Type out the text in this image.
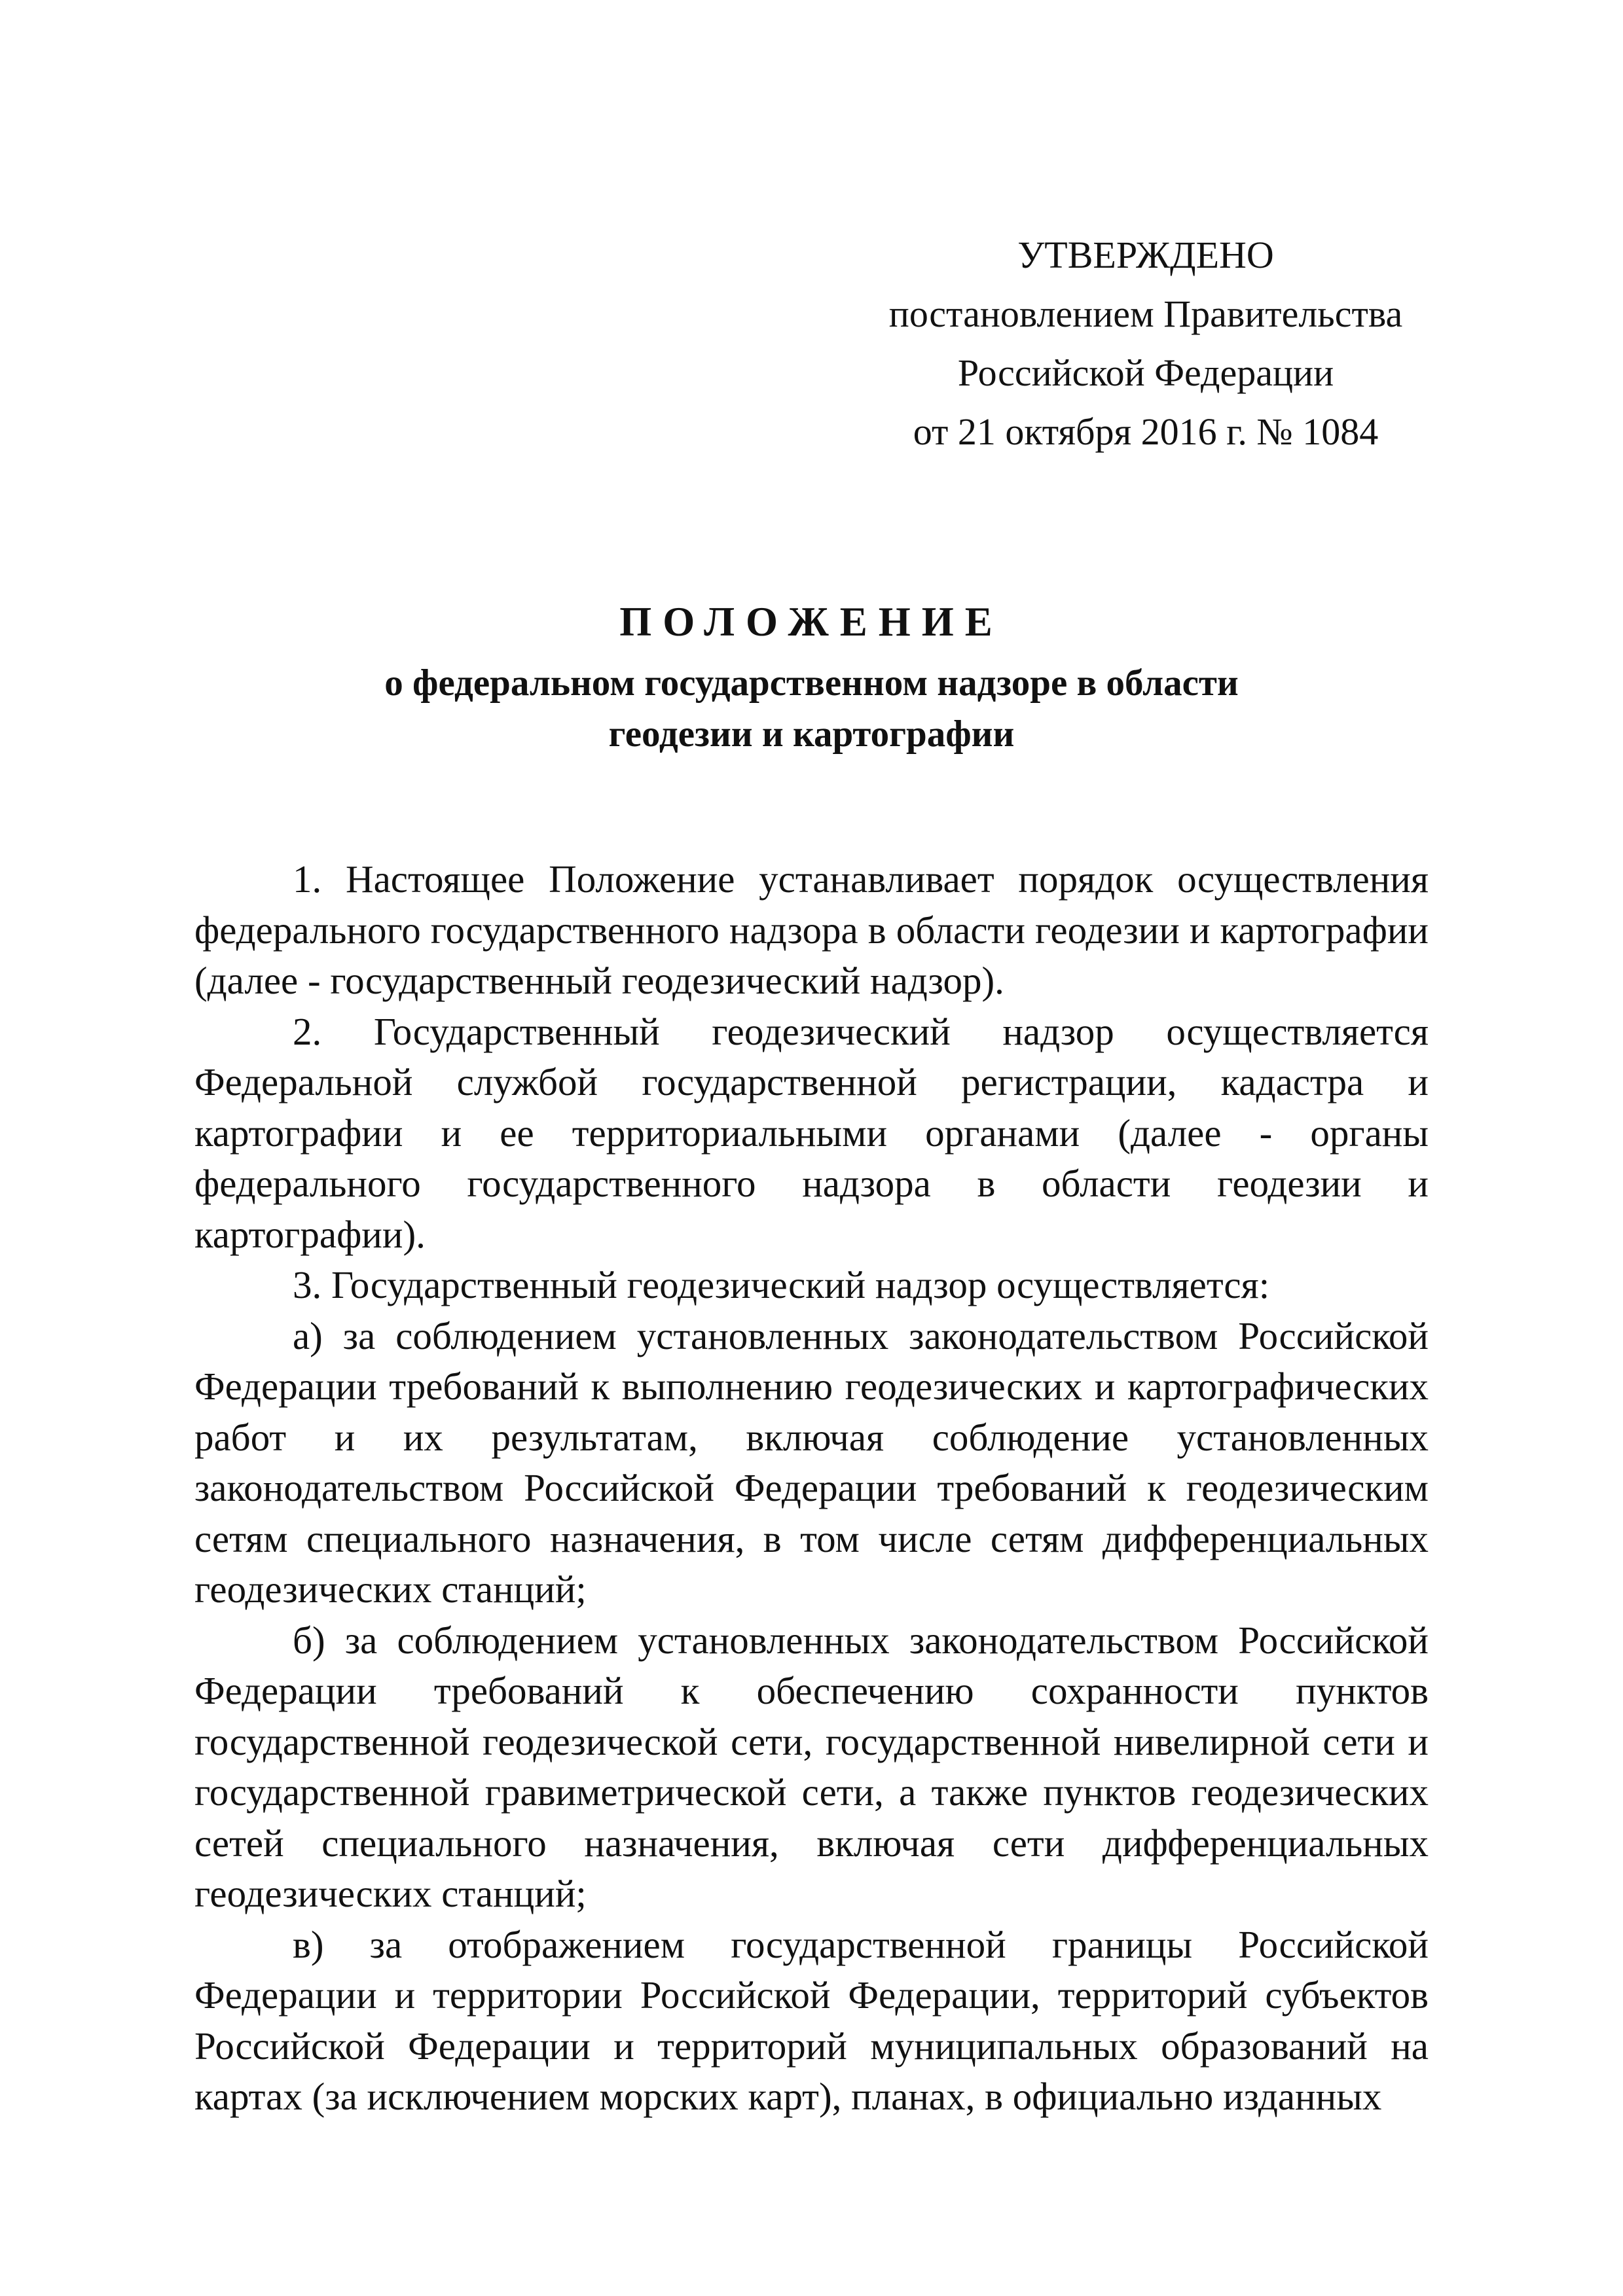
УТВЕРЖДЕНО
постановлением Правительства
Российской Федерации
от 21 октября 2016 г. № 1084
ПОЛОЖЕНИЕ
о федеральном государственном надзоре в области
геодезии и картографии

1. Настоящее Положение устанавливает порядок осуществления федерального государственного надзора в области геодезии и картографии (далее - государственный геодезический надзор).

2. Государственный геодезический надзор осуществляется Федеральной службой государственной регистрации, кадастра и картографии и ее территориальными органами (далее - органы федерального государственного надзора в области геодезии и картографии).

3. Государственный геодезический надзор осуществляется:

а) за соблюдением установленных законодательством Российской Федерации требований к выполнению геодезических и картографических работ и их результатам, включая соблюдение установленных законодательством Российской Федерации требований к геодезическим сетям специального назначения, в том числе сетям дифференциальных геодезических станций;

б) за соблюдением установленных законодательством Российской Федерации требований к обеспечению сохранности пунктов государственной геодезической сети, государственной нивелирной сети и государственной гравиметрической сети, а также пунктов геодезических сетей специального назначения, включая сети дифференциальных геодезических станций;

в) за отображением государственной границы Российской Федерации и территории Российской Федерации, территорий субъектов Российской Федерации и территорий муниципальных образований на картах (за исключением морских карт), планах, в официально изданных
